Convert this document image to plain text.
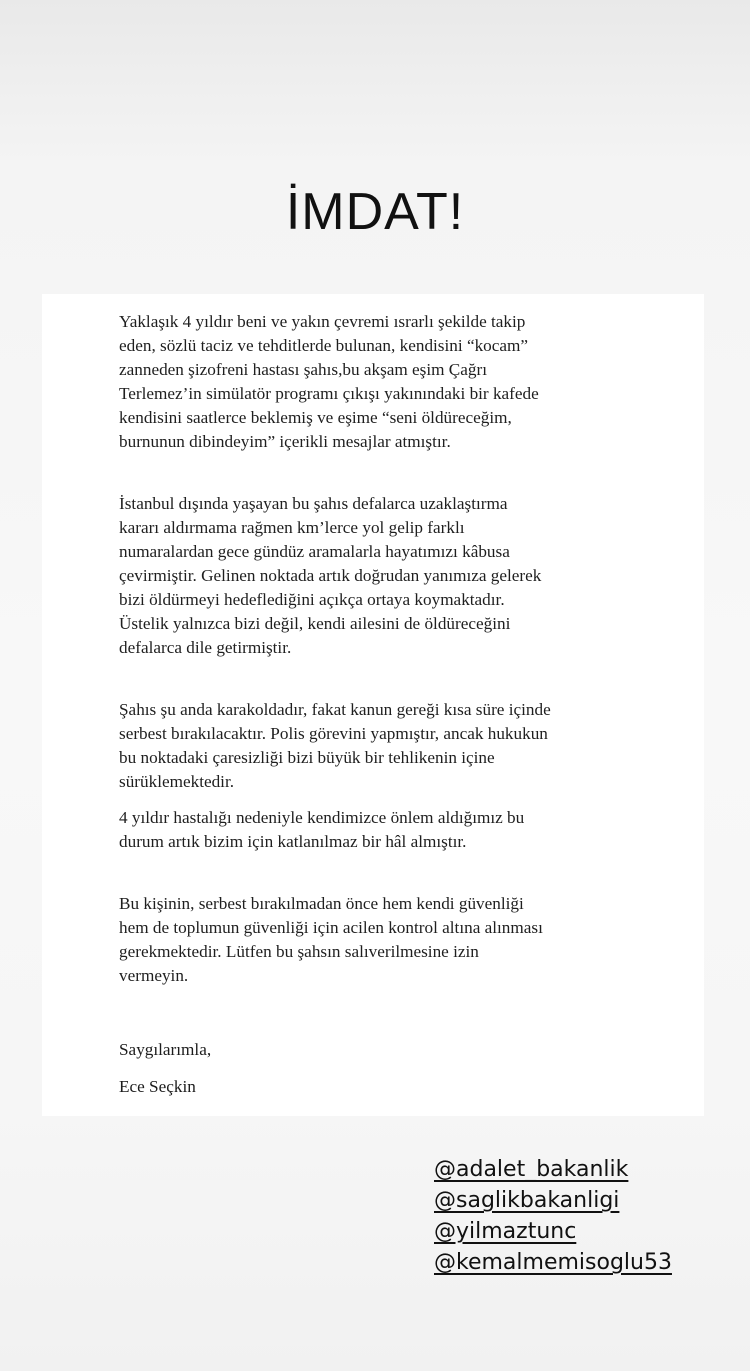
İMDAT!

Yaklaşık 4 yıldır beni ve yakın çevremi ısrarlı şekilde takip
eden, sözlü taciz ve tehditlerde bulunan, kendisini “kocam”
zanneden şizofreni hastası şahıs,bu akşam eşim Çağrı
Terlemez’in simülatör programı çıkışı yakınındaki bir kafede
kendisini saatlerce beklemiş ve eşime “seni öldüreceğim,
burnunun dibindeyim” içerikli mesajlar atmıştır.

İstanbul dışında yaşayan bu şahıs defalarca uzaklaştırma
kararı aldırmama rağmen km’lerce yol gelip farklı
numaralardan gece gündüz aramalarla hayatımızı kâbusa
çevirmiştir. Gelinen noktada artık doğrudan yanımıza gelerek
bizi öldürmeyi hedeflediğini açıkça ortaya koymaktadır.
Üstelik yalnızca bizi değil, kendi ailesini de öldüreceğini
defalarca dile getirmiştir.

Şahıs şu anda karakoldadır, fakat kanun gereği kısa süre içinde
serbest bırakılacaktır. Polis görevini yapmıştır, ancak hukukun
bu noktadaki çaresizliği bizi büyük bir tehlikenin içine
sürüklemektedir.

4 yıldır hastalığı nedeniyle kendimizce önlem aldığımız bu
durum artık bizim için katlanılmaz bir hâl almıştır.

Bu kişinin, serbest bırakılmadan önce hem kendi güvenliği
hem de toplumun güvenliği için acilen kontrol altına alınması
gerekmektedir. Lütfen bu şahsın salıverilmesine izin
vermeyin.

Saygılarımla,
Ece Seçkin
@adalet_bakanlik
@saglikbakanligi
@yilmaztunc
@kemalmemisoglu53
